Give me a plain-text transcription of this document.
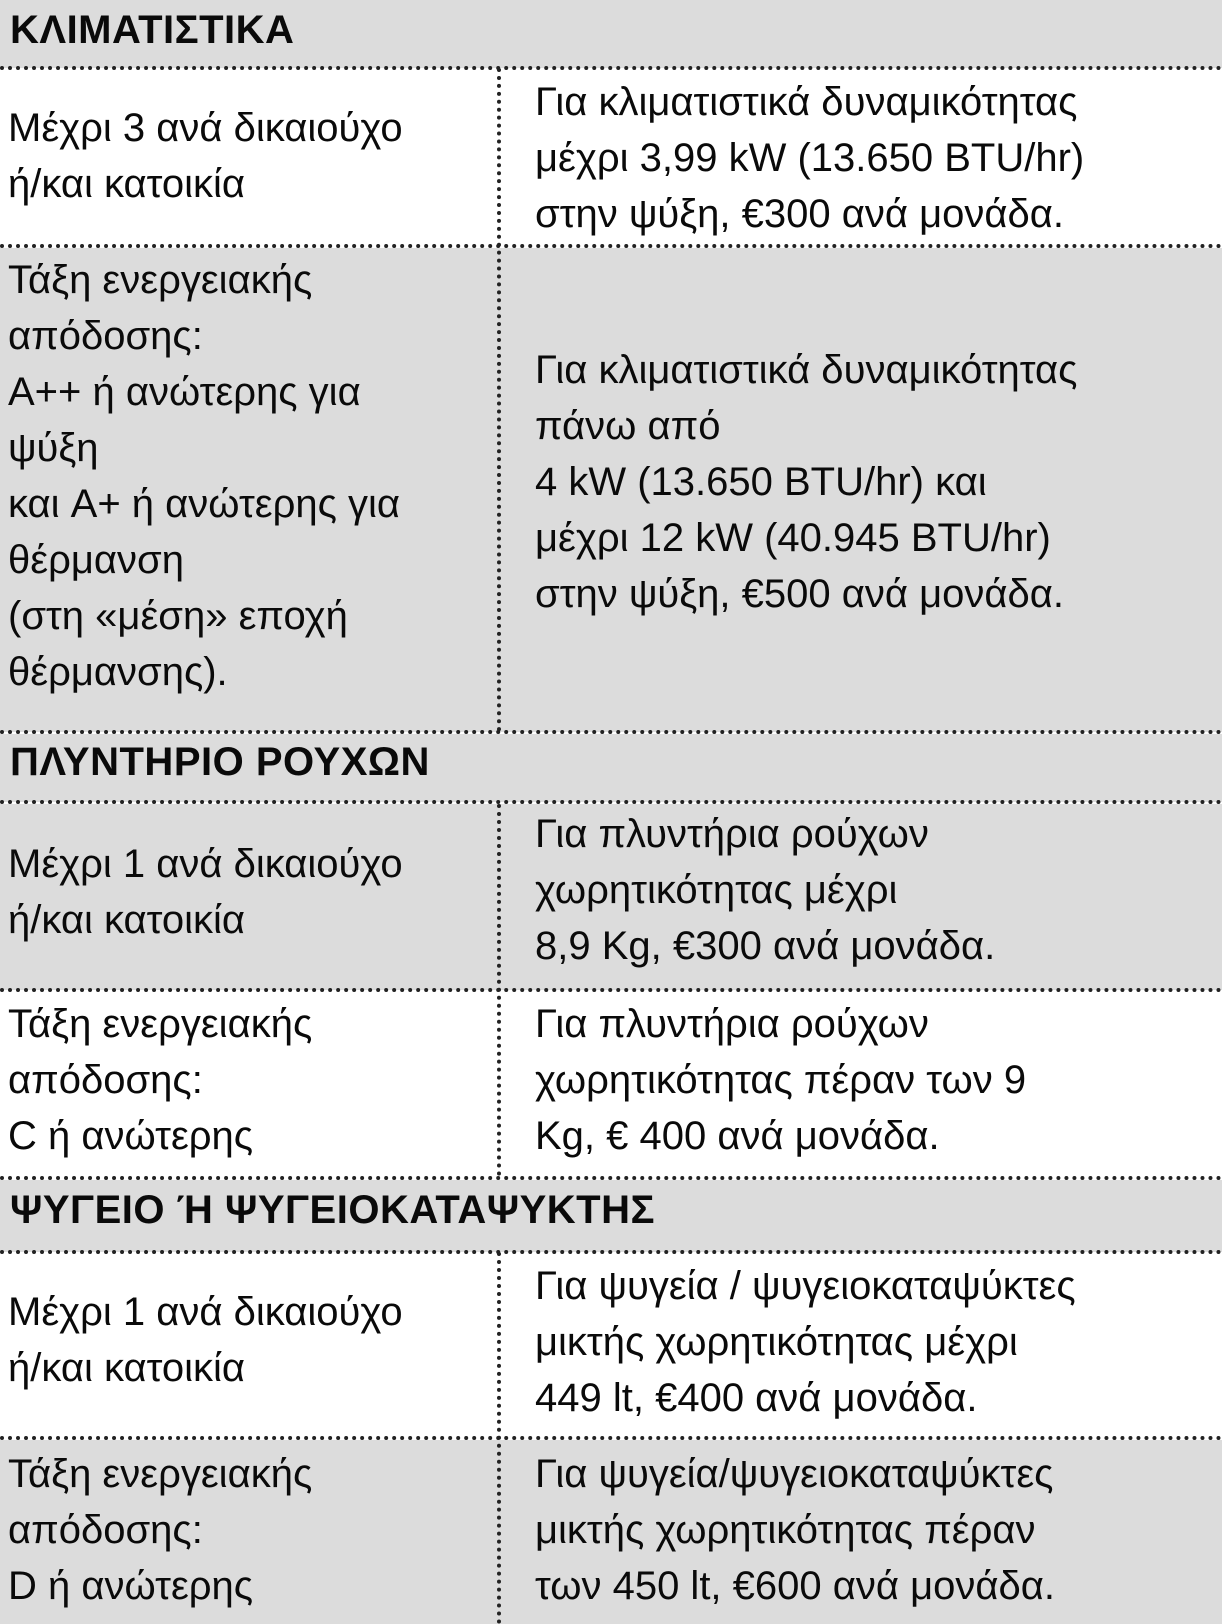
ΚΛΙΜΑΤΙΣΤΙΚΑ
Μέχρι 3 ανά δικαιούχο
ή/και κατοικία
Για κλιματιστικά δυναμικότητας
μέχρι 3,99 kW (13.650 BTU/hr)
στην ψύξη, €300 ανά μονάδα.
Τάξη ενεργειακής
απόδοσης:
A++ ή ανώτερης για
ψύξη
και A+ ή ανώτερης για
θέρμανση
(στη «μέση» εποχή
θέρμανσης).
Για κλιματιστικά δυναμικότητας
πάνω από
4 kW (13.650 BTU/hr) και
μέχρι 12 kW (40.945 BTU/hr)
στην ψύξη, €500 ανά μονάδα.
ΠΛΥΝΤΗΡΙΟ ΡΟΥΧΩΝ
Μέχρι 1 ανά δικαιούχο
ή/και κατοικία
Για πλυντήρια ρούχων
χωρητικότητας μέχρι
8,9 Kg, €300 ανά μονάδα.
Τάξη ενεργειακής
απόδοσης:
C ή ανώτερης
Για πλυντήρια ρούχων
χωρητικότητας πέραν των 9
Kg, € 400 ανά μονάδα.
ΨΥΓΕΙΟ Ή ΨΥΓΕΙΟΚΑΤΑΨΥΚΤΗΣ
Μέχρι 1 ανά δικαιούχο
ή/και κατοικία
Για ψυγεία / ψυγειοκαταψύκτες
μικτής χωρητικότητας μέχρι
449 lt, €400 ανά μονάδα.
Τάξη ενεργειακής
απόδοσης:
D ή ανώτερης
Για ψυγεία/ψυγειοκαταψύκτες
μικτής χωρητικότητας πέραν
των 450 lt, €600 ανά μονάδα.
